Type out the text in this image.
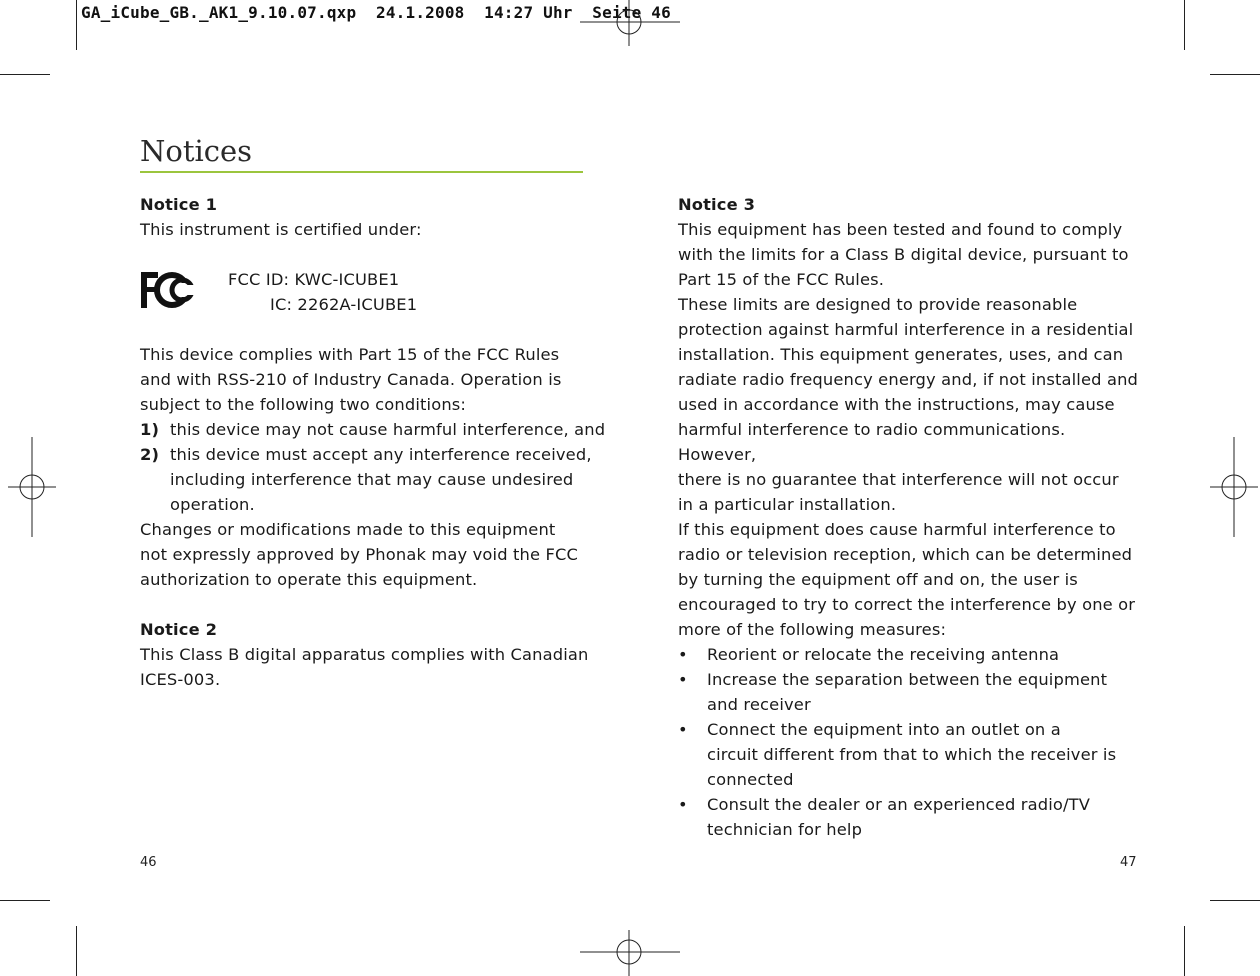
GA_iCube_GB._AK1_9.10.07.qxp  24.1.2008  14:27 Uhr  Seite 46
Notices

Notice 1

This instrument is certified under:

FCC ID: KWC-ICUBE1

IC: 2262A-ICUBE1

This device complies with Part 15 of the FCC Rules

and with RSS-210 of Industry Canada. Operation is

subject to the following two conditions:

1) this device may not cause harmful interference, and

2) this device must accept any interference received,

including interference that may cause undesired

operation.

Changes or modifications made to this equipment

not expressly approved by Phonak may void the FCC

authorization to operate this equipment.

Notice 2

This Class B digital apparatus complies with Canadian

ICES-003.

Notice 3

This equipment has been tested and found to comply

with the limits for a Class B digital device, pursuant to

Part 15 of the FCC Rules.

These limits are designed to provide reasonable

protection against harmful interference in a residential

installation. This equipment generates, uses, and can

radiate radio frequency energy and, if not installed and

used in accordance with the instructions, may cause

harmful interference to radio communications. However,

there is no guarantee that interference will not occur

in a particular installation.

If this equipment does cause harmful interference to

radio or television reception, which can be determined

by turning the equipment off and on, the user is

encouraged to try to correct the interference by one or

more of the following measures:

•	Reorient or relocate the receiving antenna

•	Increase the separation between the equipment

and receiver

•	Connect the equipment into an outlet on a

circuit different from that to which the receiver is

connected

•	Consult the dealer or an experienced radio/TV

technician for help

46	47
